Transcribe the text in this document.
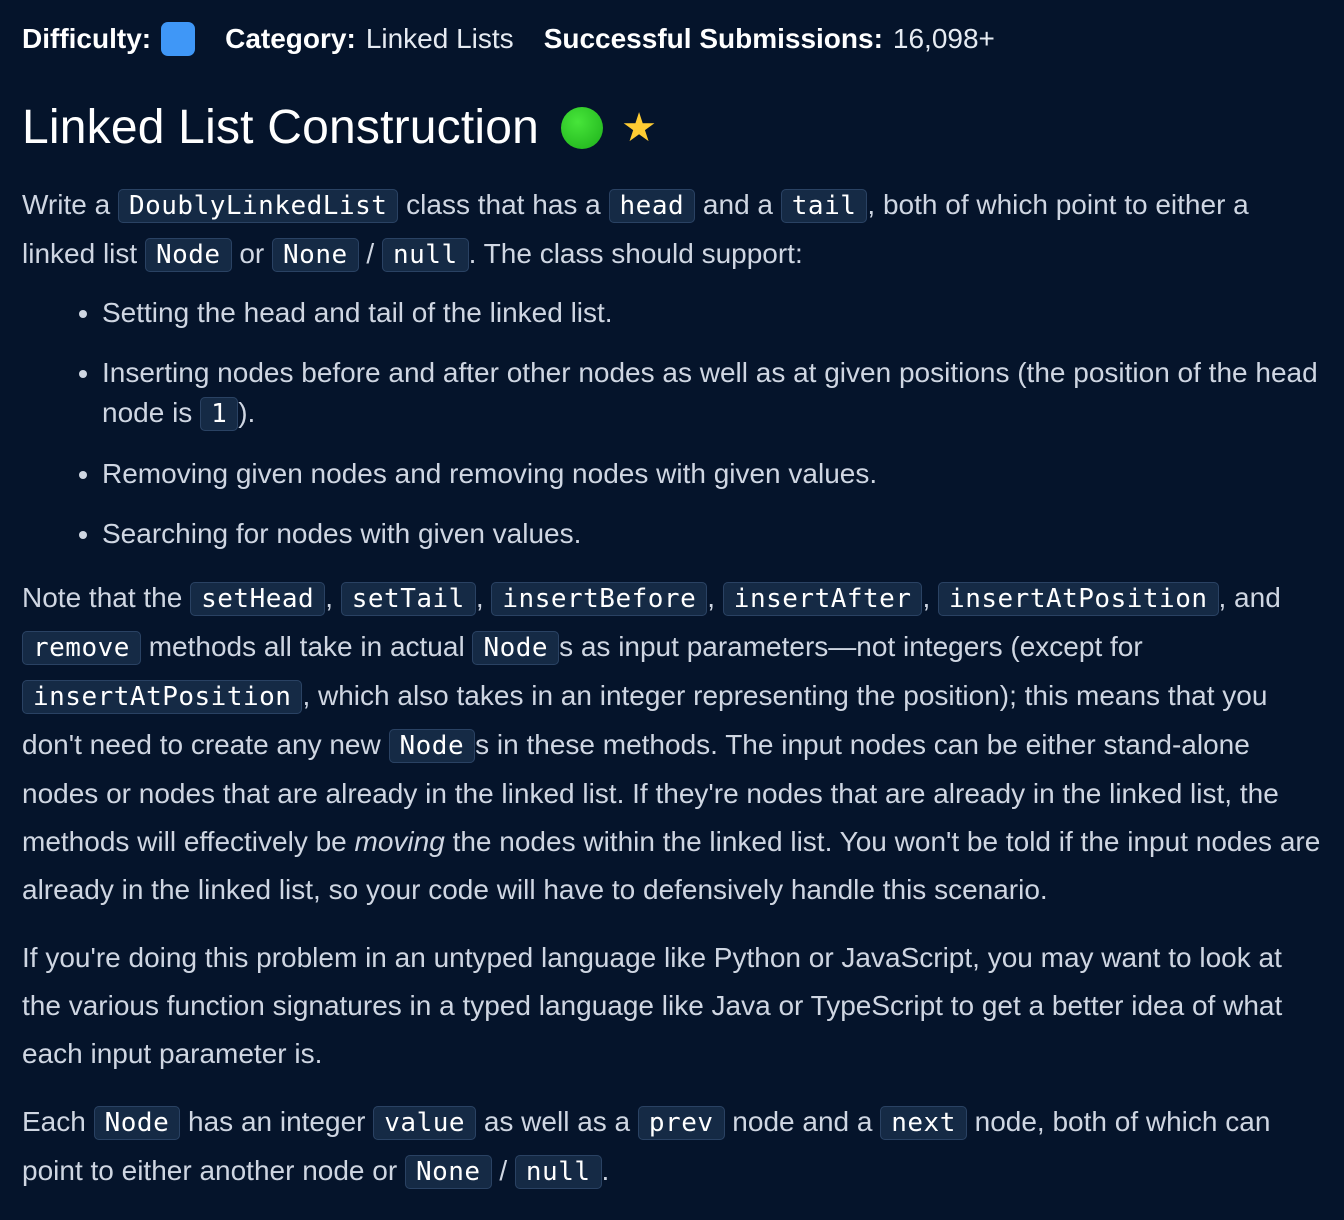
Difficulty:	Category: Linked Lists Successful Submissions: 16,098+
Linked List Construction ★

Write a DoublyLinkedList class that has a head and a tail , both of which point to either a linked list Node or None / null . The class should support:

• Setting the head and tail of the linked list.
• Inserting nodes before and after other nodes as well as at given positions (the position of the head node is 1 ).
• Removing given nodes and removing nodes with given values.
• Searching for nodes with given values.

Note that the setHead , setTail , insertBefore , insertAfter , insertAtPosition , and remove methods all take in actual Node s as input parameters—not integers (except for insertAtPosition , which also takes in an integer representing the position); this means that you don't need to create any new Node s in these methods. The input nodes can be either stand-alone nodes or nodes that are already in the linked list. If they're nodes that are already in the linked list, the methods will effectively be moving the nodes within the linked list. You won't be told if the input nodes are already in the linked list, so your code will have to defensively handle this scenario.

If you're doing this problem in an untyped language like Python or JavaScript, you may want to look at the various function signatures in a typed language like Java or TypeScript to get a better idea of what each input parameter is.

Each Node has an integer value as well as a prev node and a next node, both of which can point to either another node or None / null .
